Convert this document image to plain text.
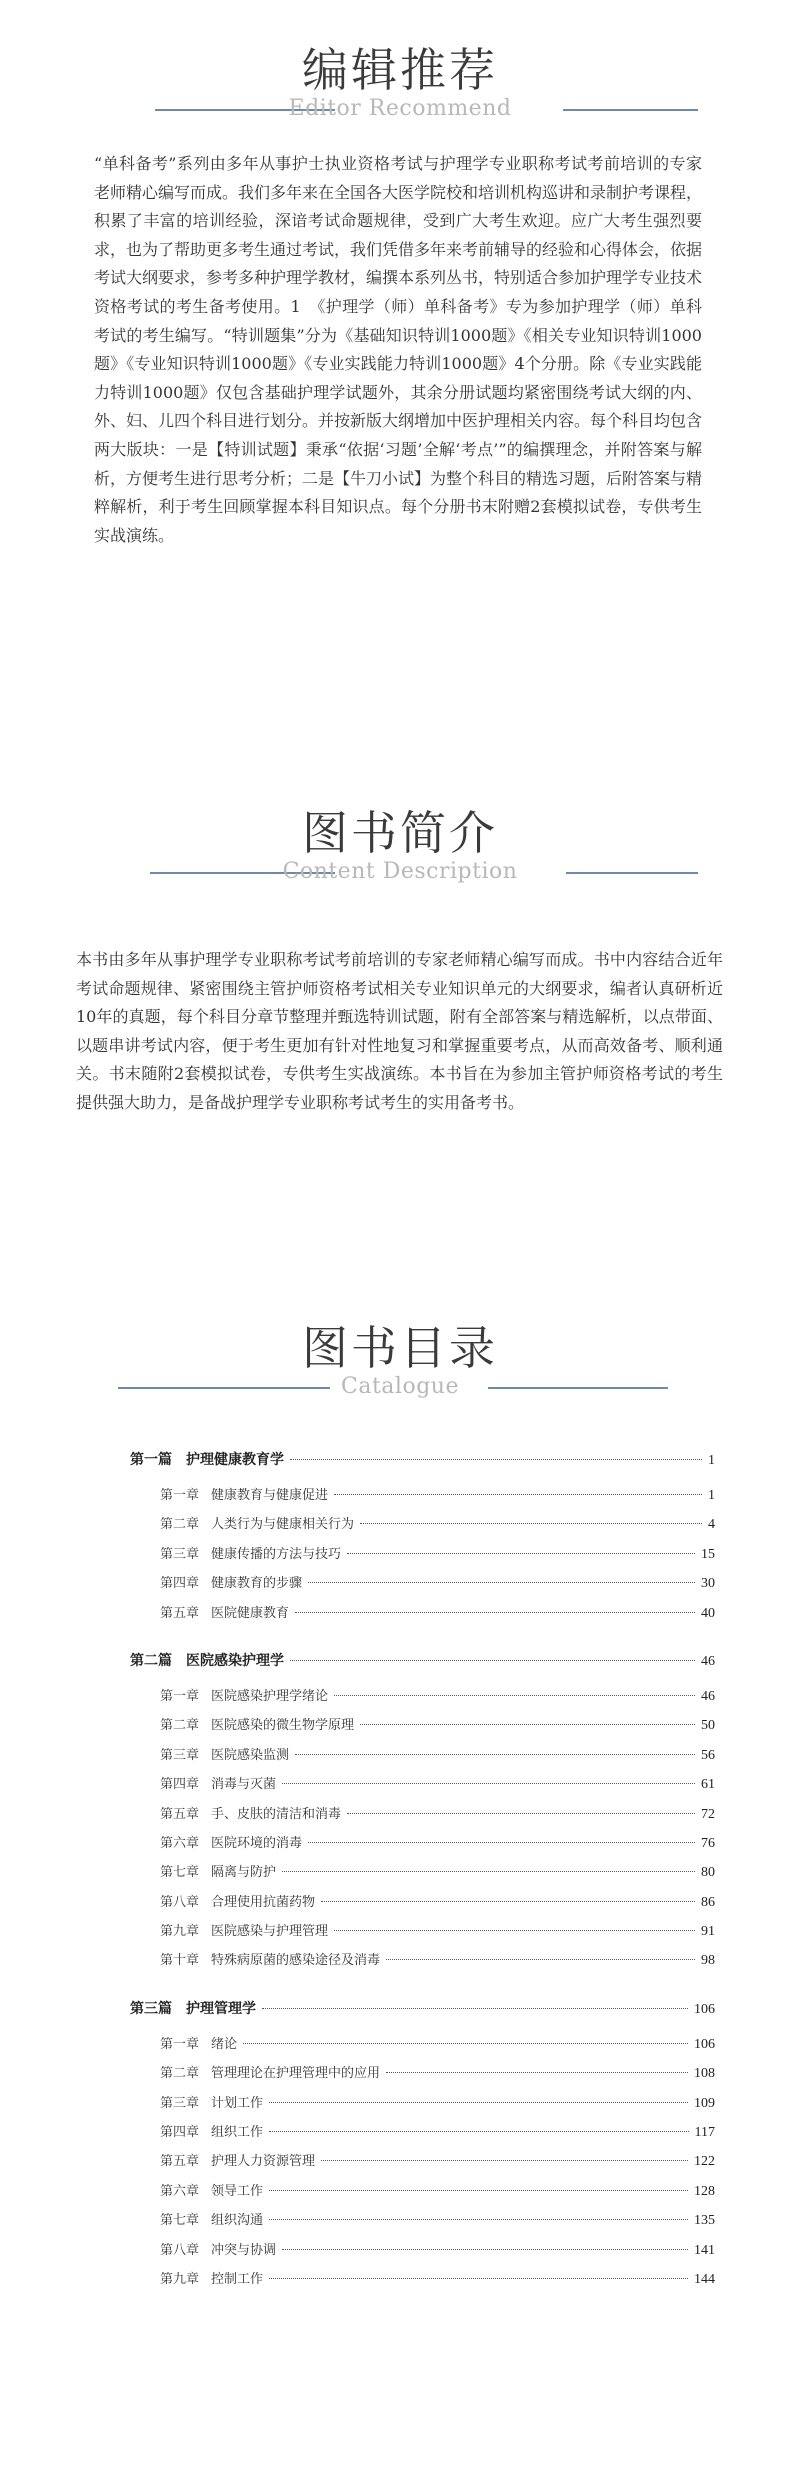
编辑推荐
Editor Recommend
“单科备考”系列由多年从事护士执业资格考试与护理学专业职称考试考前培训的专家老师精心编写而成。我们多年来在全国各大医学院校和培训机构巡讲和录制护考课程，积累了丰富的培训经验，深谙考试命题规律，受到广大考生欢迎。应广大考生强烈要求，也为了帮助更多考生通过考试，我们凭借多年来考前辅导的经验和心得体会，依据考试大纲要求，参考多种护理学教材，编撰本系列丛书，特别适合参加护理学专业技术资格考试的考生备考使用。1　《护理学（师）单科备考》专为参加护理学（师）单科考试的考生编写。“特训题集”分为《基础知识特训1000题》《相关专业知识特训1000题》《专业知识特训1000题》《专业实践能力特训1000题》4个分册。除《专业实践能力特训1000题》仅包含基础护理学试题外，其余分册试题均紧密围绕考试大纲的内、外、妇、儿四个科目进行划分。并按新版大纲增加中医护理相关内容。每个科目均包含两大版块：一是【特训试题】秉承“依据‘习题’全解‘考点’”的编撰理念，并附答案与解析，方便考生进行思考分析；二是【牛刀小试】为整个科目的精选习题，后附答案与精粹解析，利于考生回顾掌握本科目知识点。每个分册书末附赠2套模拟试卷，专供考生实战演练。
图书简介
Content Description
本书由多年从事护理学专业职称考试考前培训的专家老师精心编写而成。书中内容结合近年考试命题规律、紧密围绕主管护师资格考试相关专业知识单元的大纲要求，编者认真研析近10年的真题，每个科目分章节整理并甄选特训试题，附有全部答案与精选解析，以点带面、以题串讲考试内容，便于考生更加有针对性地复习和掌握重要考点，从而高效备考、顺利通关。书末随附2套模拟试卷，专供考生实战演练。本书旨在为参加主管护师资格考试的考生提供强大助力，是备战护理学专业职称考试考生的实用备考书。
图书目录
Catalogue
第一篇 护理健康教育学	1
第一章 健康教育与健康促进	1
第二章 人类行为与健康相关行为	4
第三章 健康传播的方法与技巧	15
第四章 健康教育的步骤	30
第五章 医院健康教育	40
第二篇 医院感染护理学	46
第一章 医院感染护理学绪论	46
第二章 医院感染的微生物学原理	50
第三章 医院感染监测	56
第四章 消毒与灭菌	61
第五章 手、皮肤的清洁和消毒	72
第六章 医院环境的消毒	76
第七章 隔离与防护	80
第八章 合理使用抗菌药物	86
第九章 医院感染与护理管理	91
第十章 特殊病原菌的感染途径及消毒	98
第三篇 护理管理学	106
第一章 绪论	106
第二章 管理理论在护理管理中的应用	108
第三章 计划工作	109
第四章 组织工作	117
第五章 护理人力资源管理	122
第六章 领导工作	128
第七章 组织沟通	135
第八章 冲突与协调	141
第九章 控制工作	144
